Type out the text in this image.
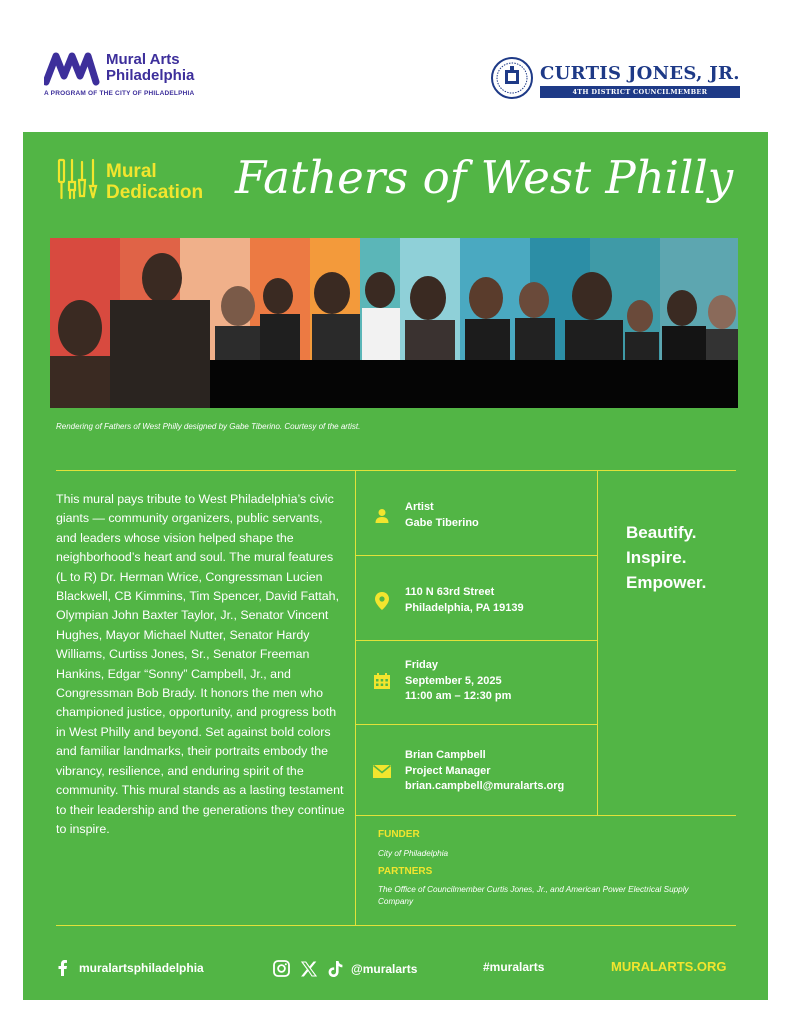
Mural Arts
Philadelphia
A PROGRAM OF THE CITY OF PHILADELPHIA
CURTIS JONES, JR.
4TH DISTRICT COUNCILMEMBER
Mural
Dedication Fathers of West Philly
Rendering of Fathers of West Philly designed by Gabe Tiberino. Courtesy of the artist.
This mural pays tribute to West Philadelphia’s civic giants — community organizers, public servants, and leaders whose vision helped shape the neighborhood’s heart and soul. The mural features (L to R) Dr. Herman Wrice, Congressman Lucien Blackwell, CB Kimmins, Tim Spencer, David Fattah, Olympian John Baxter Taylor, Jr., Senator Vincent Hughes, Mayor Michael Nutter, Senator Hardy Williams, Curtiss Jones, Sr., Senator Freeman Hankins, Edgar “Sonny” Campbell, Jr., and Congressman Bob Brady. It honors the men who championed justice, opportunity, and progress both in West Philly and beyond. Set against bold colors and familiar landmarks, their portraits embody the vibrancy, resilience, and enduring spirit of the community. This mural stands as a lasting testament to their leadership and the generations they continue to inspire.
Artist
Gabe Tiberino
110 N 63rd Street
Philadelphia, PA 19139
Friday
September 5, 2025
11:00 am – 12:30 pm
Brian Campbell
Project Manager
brian.campbell@muralarts.org
Beautify.
Inspire.
Empower.
FUNDER
City of Philadelphia
PARTNERS
The Office of Councilmember Curtis Jones, Jr., and American Power Electrical Supply Company
muralartsphiladelphia	@muralarts	#muralarts	MURALARTS.ORG
